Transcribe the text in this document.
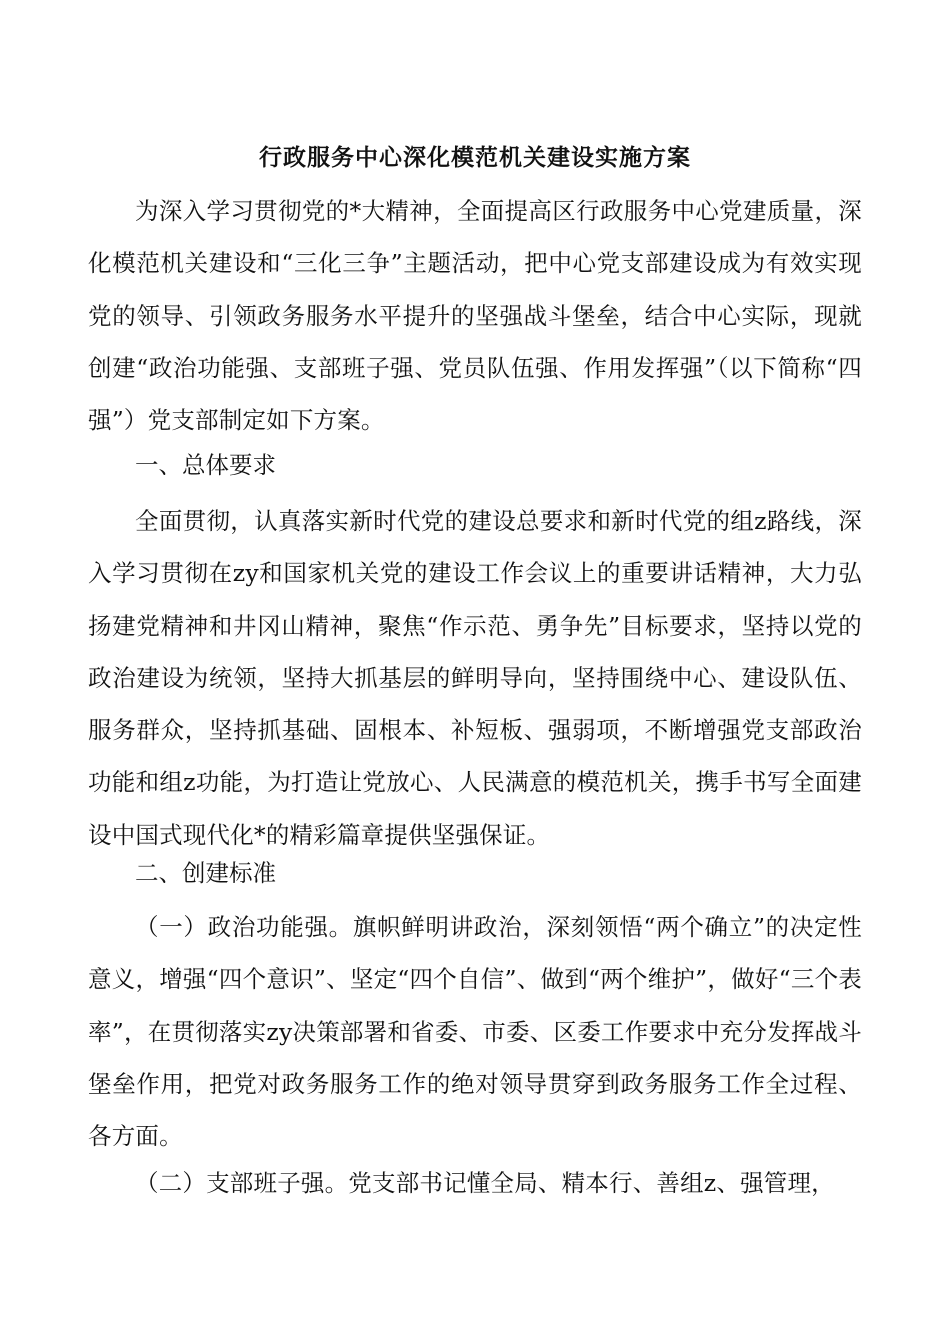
行政服务中心深化模范机关建设实施方案

为深入学习贯彻党的*大精神，全面提高区行政服务中心党建质量，深化模范机关建设和“三化三争”主题活动，把中心党支部建设成为有效实现党的领导、引领政务服务水平提升的坚强战斗堡垒，结合中心实际，现就创建“政治功能强、支部班子强、党员队伍强、作用发挥强”（以下简称“四强”）党支部制定如下方案。

一、总体要求

全面贯彻，认真落实新时代党的建设总要求和新时代党的组z路线，深入学习贯彻在zy和国家机关党的建设工作会议上的重要讲话精神，大力弘扬建党精神和井冈山精神，聚焦“作示范、勇争先”目标要求，坚持以党的政治建设为统领，坚持大抓基层的鲜明导向，坚持围绕中心、建设队伍、服务群众，坚持抓基础、固根本、补短板、强弱项，不断增强党支部政治功能和组z功能，为打造让党放心、人民满意的模范机关，携手书写全面建设中国式现代化*的精彩篇章提供坚强保证。

二、创建标准

（一）政治功能强。旗帜鲜明讲政治，深刻领悟“两个确立”的决定性意义，增强“四个意识”、坚定“四个自信”、做到“两个维护”，做好“三个表率”，在贯彻落实zy决策部署和省委、市委、区委工作要求中充分发挥战斗堡垒作用，把党对政务服务工作的绝对领导贯穿到政务服务工作全过程、各方面。

（二）支部班子强。党支部书记懂全局、精本行、善组z、强管理，
